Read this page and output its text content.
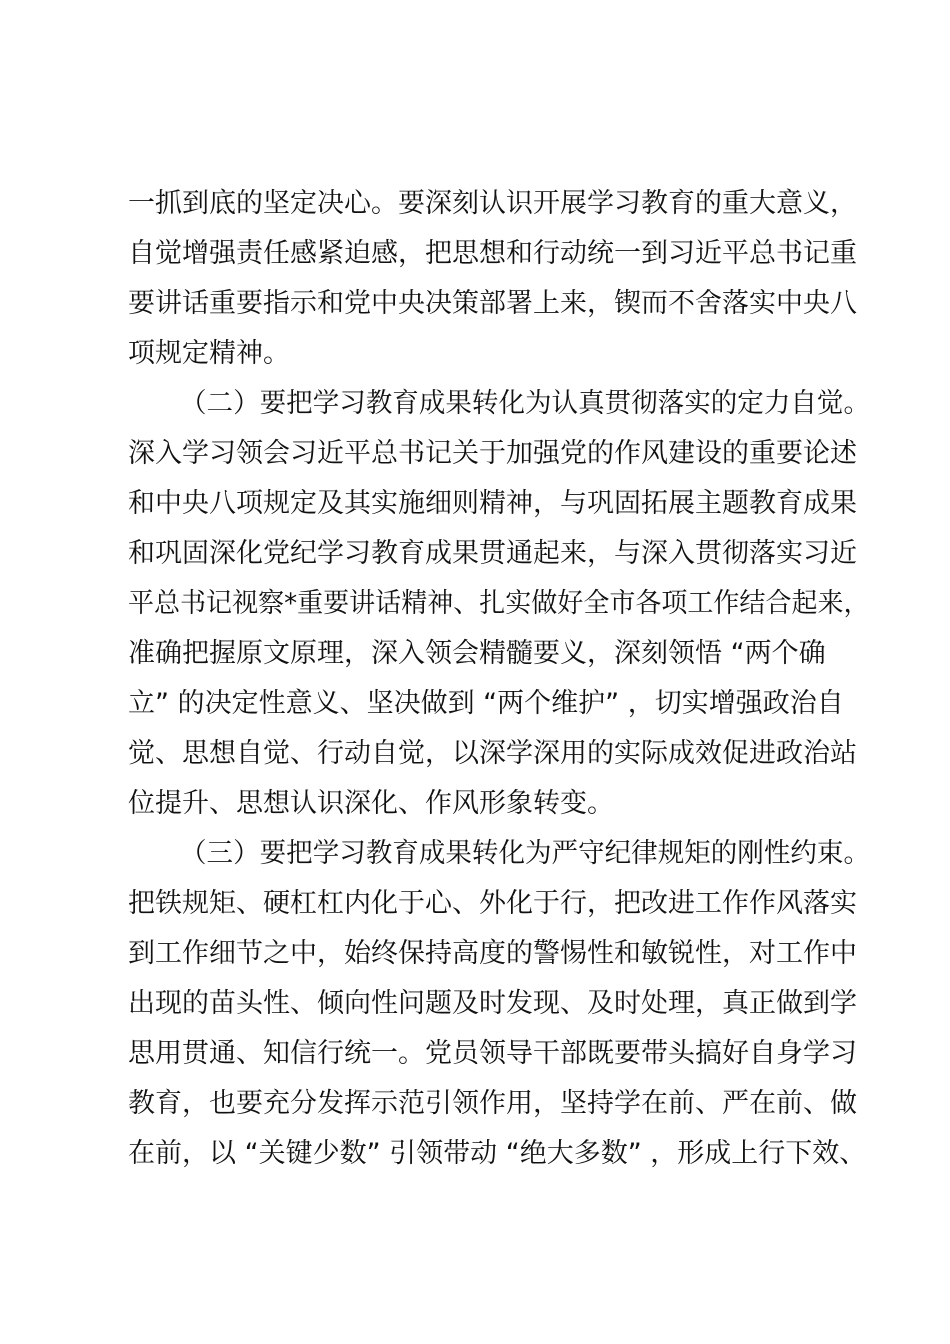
一抓到底的坚定决心。要深刻认识开展学习教育的重大意义，
自觉增强责任感紧迫感，把思想和行动统一到习近平总书记重
要讲话重要指示和党中央决策部署上来，锲而不舍落实中央八
项规定精神。
（二）要把学习教育成果转化为认真贯彻落实的定力自觉。
深入学习领会习近平总书记关于加强党的作风建设的重要论述
和中央八项规定及其实施细则精神，与巩固拓展主题教育成果
和巩固深化党纪学习教育成果贯通起来，与深入贯彻落实习近
平总书记视察*重要讲话精神、扎实做好全市各项工作结合起来，
准确把握原文原理，深入领会精髓要义，深刻领悟 “两个确
立” 的决定性意义、坚决做到 “两个维护” ，切实增强政治自
觉、思想自觉、行动自觉，以深学深用的实际成效促进政治站
位提升、思想认识深化、作风形象转变。
（三）要把学习教育成果转化为严守纪律规矩的刚性约束。
把铁规矩、硬杠杠内化于心、外化于行，把改进工作作风落实
到工作细节之中，始终保持高度的警惕性和敏锐性，对工作中
出现的苗头性、倾向性问题及时发现、及时处理，真正做到学
思用贯通、知信行统一。党员领导干部既要带头搞好自身学习
教育，也要充分发挥示范引领作用，坚持学在前、严在前、做
在前，以 “关键少数” 引领带动 “绝大多数” ，形成上行下效、
